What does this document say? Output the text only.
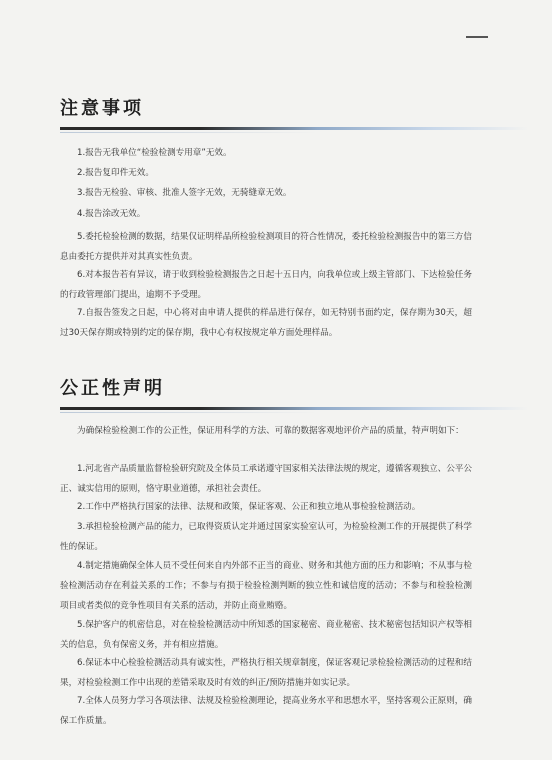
注意事项

1.报告无我单位“检验检测专用章”无效。

2.报告复印件无效。

3.报告无检验、审核、批准人签字无效，无骑缝章无效。

4.报告涂改无效。

5.委托检验检测的数据，结果仅证明样品所检验检测项目的符合性情况，委托检验检测报告中的第三方信息由委托方提供并对其真实性负责。

6.对本报告若有异议，请于收到检验检测报告之日起十五日内，向我单位或上级主管部门、下达检验任务的行政管理部门提出，逾期不予受理。

7.自报告签发之日起，中心将对由申请人提供的样品进行保存，如无特别书面约定，保存期为30天，超过30天保存期或特别约定的保存期，我中心有权按规定单方面处理样品。

公正性声明

为确保检验检测工作的公正性，保证用科学的方法、可靠的数据客观地评价产品的质量，特声明如下：

1.河北省产品质量监督检验研究院及全体员工承诺遵守国家相关法律法规的规定，遵循客观独立、公平公正、诚实信用的原则，恪守职业道德，承担社会责任。

2.工作中严格执行国家的法律、法规和政策，保证客观、公正和独立地从事检验检测活动。

3.承担检验检测产品的能力，已取得资质认定并通过国家实验室认可，为检验检测工作的开展提供了科学性的保证。

4.制定措施确保全体人员不受任何来自内外部不正当的商业、财务和其他方面的压力和影响；不从事与检验检测活动存在利益关系的工作；不参与有损于检验检测判断的独立性和诚信度的活动；不参与和检验检测项目或者类似的竞争性项目有关系的活动，并防止商业贿赂。

5.保护客户的机密信息，对在检验检测活动中所知悉的国家秘密、商业秘密、技术秘密包括知识产权等相关的信息，负有保密义务，并有相应措施。

6.保证本中心检验检测活动具有诚实性，严格执行相关规章制度，保证客观记录检验检测活动的过程和结果，对检验检测工作中出现的差错采取及时有效的纠正/预防措施并如实记录。

7.全体人员努力学习各项法律、法规及检验检测理论，提高业务水平和思想水平，坚持客观公正原则，确保工作质量。
